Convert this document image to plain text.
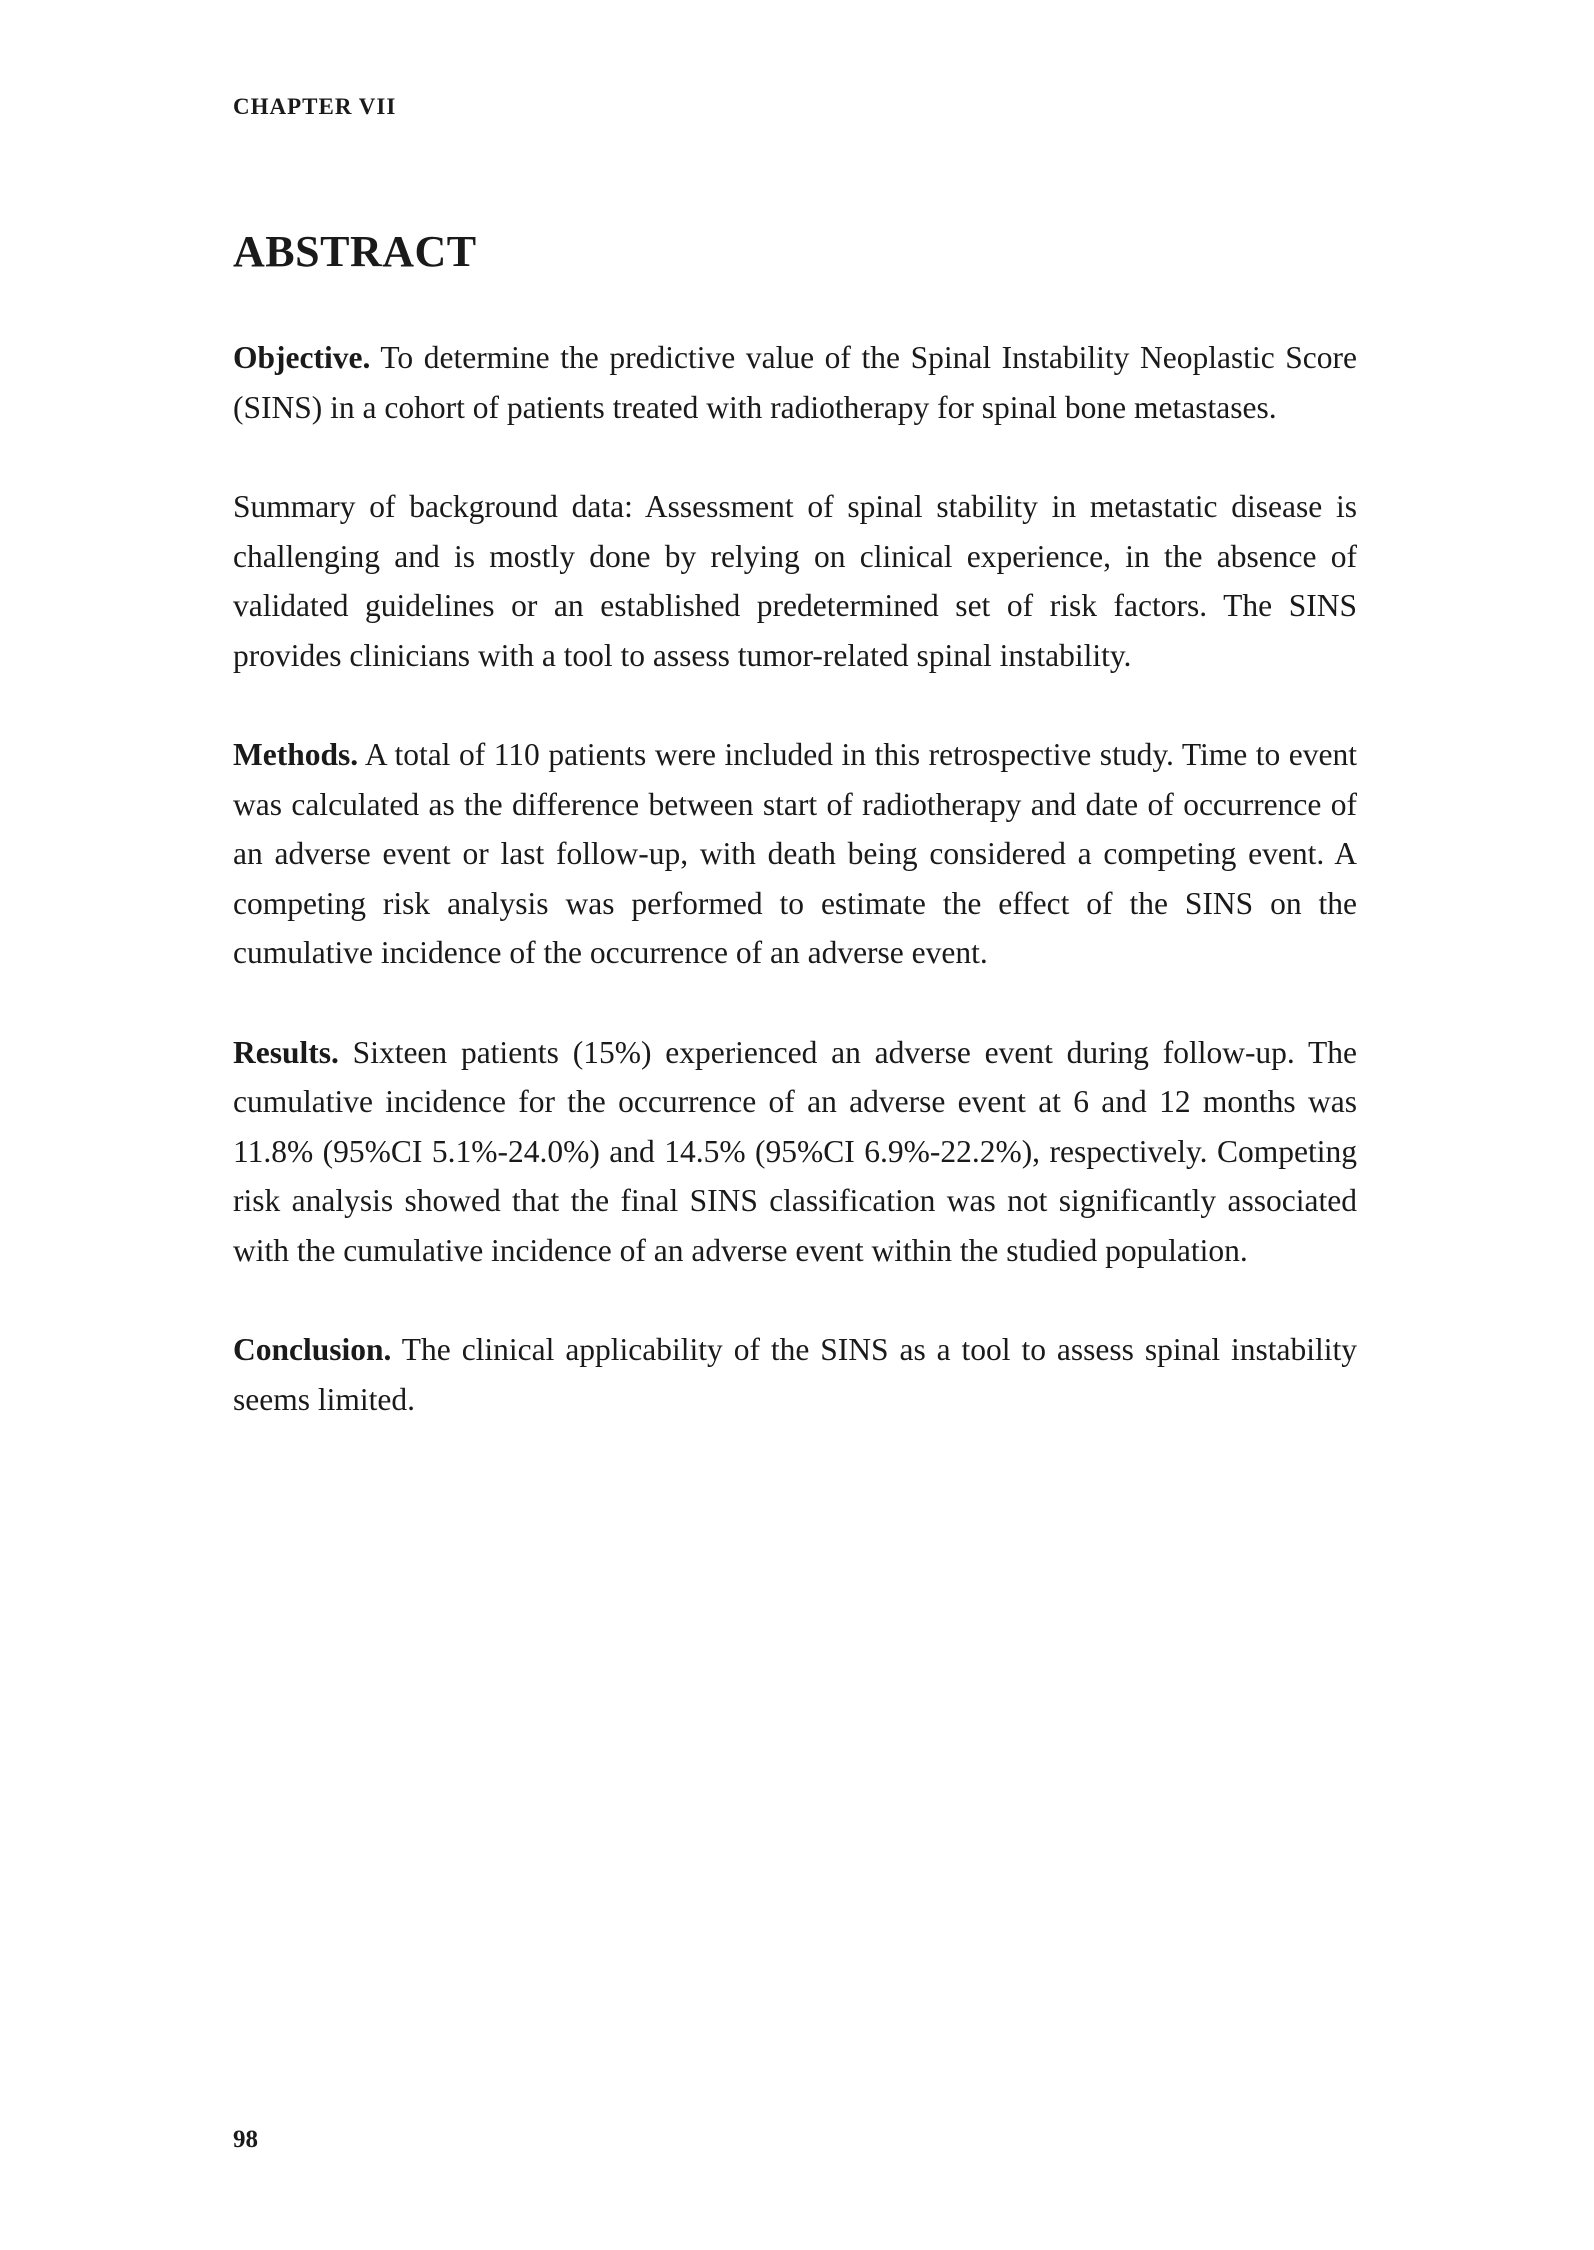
CHAPTER VII
ABSTRACT

Objective. To determine the predictive value of the Spinal Instability Neoplastic Score (SINS) in a cohort of patients treated with radiotherapy for spinal bone metastases.

Summary of background data: Assessment of spinal stability in metastatic disease is challenging and is mostly done by relying on clinical experience, in the absence of validated guidelines or an established predetermined set of risk factors. The SINS provides clinicians with a tool to assess tumor-related spinal instability.

Methods. A total of 110 patients were included in this retrospective study. Time to event was calculated as the difference between start of radiotherapy and date of occurrence of an adverse event or last follow-up, with death being considered a competing event. A competing risk analysis was performed to estimate the effect of the SINS on the cumulative incidence of the occurrence of an adverse event.

Results. Sixteen patients (15%) experienced an adverse event during follow-up. The cumulative incidence for the occurrence of an adverse event at 6 and 12 months was 11.8% (95%CI 5.1%-24.0%) and 14.5% (95%CI 6.9%-22.2%), respectively. Competing risk analysis showed that the final SINS classification was not significantly associated with the cumulative incidence of an adverse event within the studied population.

Conclusion. The clinical applicability of the SINS as a tool to assess spinal instability seems limited.

98
